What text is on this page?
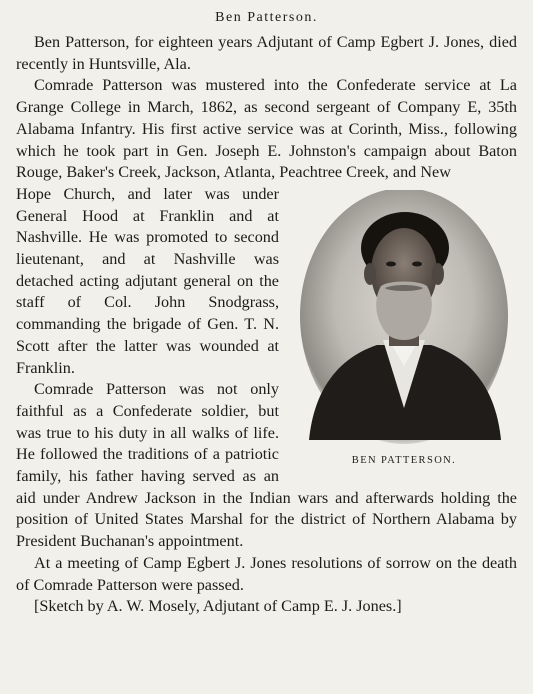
Ben Patterson.

Ben Patterson, for eighteen years Adjutant of Camp Egbert J. Jones, died recently in Huntsville, Ala.

Comrade Patterson was mustered into the Confederate service at La Grange College in March, 1862, as second sergeant of Company E, 35th Alabama Infantry. His first active service was at Corinth, Miss., following which he took part in Gen. Joseph E. Johnston's campaign about Baton Rouge, Baker's Creek, Jackson, Atlanta, Peachtree Creek, and New

BEN PATTERSON.

Hope Church, and later was under General Hood at Franklin and at Nashville. He was promoted to second lieutenant, and at Nashville was detached acting adjutant general on the staff of Col. John Snodgrass, commanding the brigade of Gen. T. N. Scott after the latter was wounded at Franklin.

Comrade Patterson was not only faithful as a Confederate soldier, but was true to his duty in all walks of life. He followed the traditions of a patriotic family, his father having served as an aid under Andrew Jackson in the Indian wars and afterwards holding the position of United States Marshal for the district of Northern Alabama by President Buchanan's appointment.

At a meeting of Camp Egbert J. Jones resolutions of sorrow on the death of Comrade Patterson were passed.

[Sketch by A. W. Mosely, Adjutant of Camp E. J. Jones.]
